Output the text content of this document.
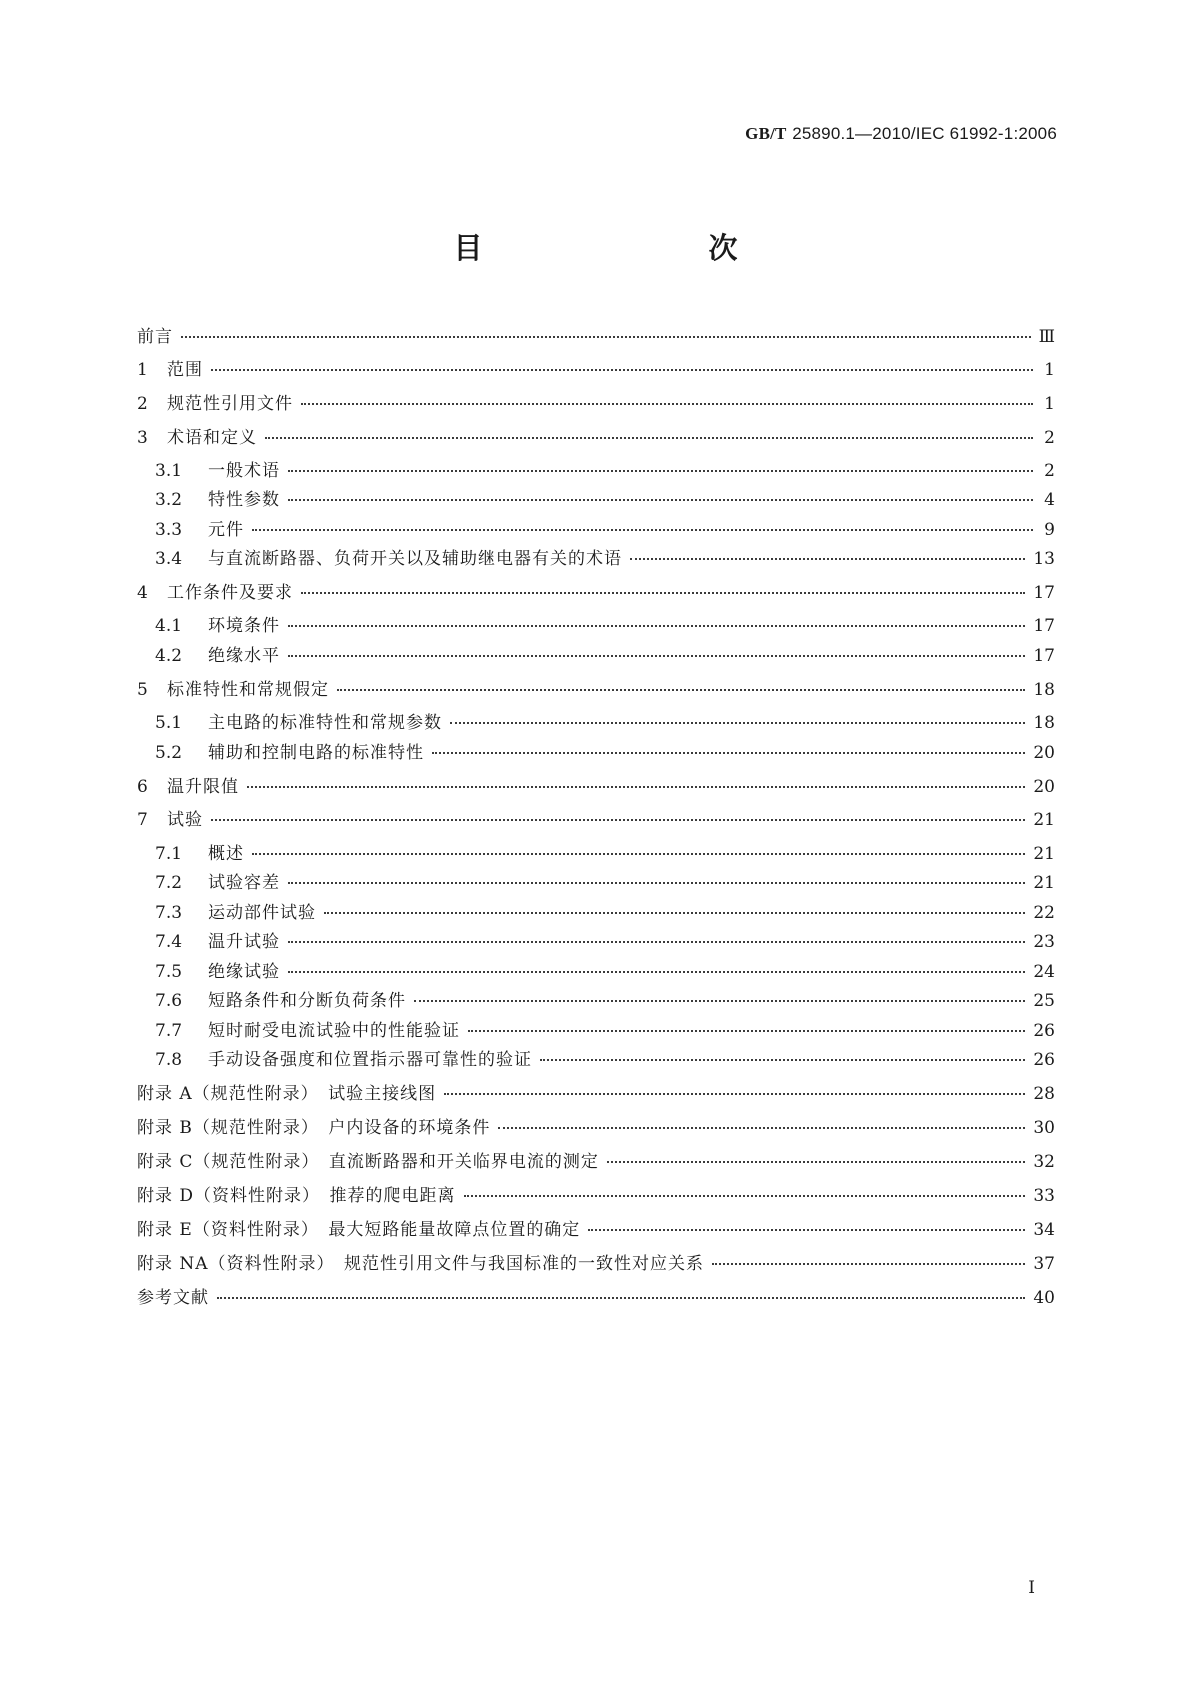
GB/T 25890.1—2010/IEC 61992-1:2006
目　　次
前言	Ⅲ
1	范围	1
2	规范性引用文件	1
3	术语和定义	2
3.1	一般术语	2
3.2	特性参数	4
3.3	元件	9
3.4	与直流断路器、负荷开关以及辅助继电器有关的术语	13
4	工作条件及要求	17
4.1	环境条件	17
4.2	绝缘水平	17
5	标准特性和常规假定	18
5.1	主电路的标准特性和常规参数	18
5.2	辅助和控制电路的标准特性	20
6	温升限值	20
7	试验	21
7.1	概述	21
7.2	试验容差	21
7.3	运动部件试验	22
7.4	温升试验	23
7.5	绝缘试验	24
7.6	短路条件和分断负荷条件	25
7.7	短时耐受电流试验中的性能验证	26
7.8	手动设备强度和位置指示器可靠性的验证	26
附录 A（规范性附录）　试验主接线图	28
附录 B（规范性附录）　户内设备的环境条件	30
附录 C（规范性附录）　直流断路器和开关临界电流的测定	32
附录 D（资料性附录）　推荐的爬电距离	33
附录 E（资料性附录）　最大短路能量故障点位置的确定	34
附录 NA（资料性附录）　规范性引用文件与我国标准的一致性对应关系	37
参考文献	40
I
